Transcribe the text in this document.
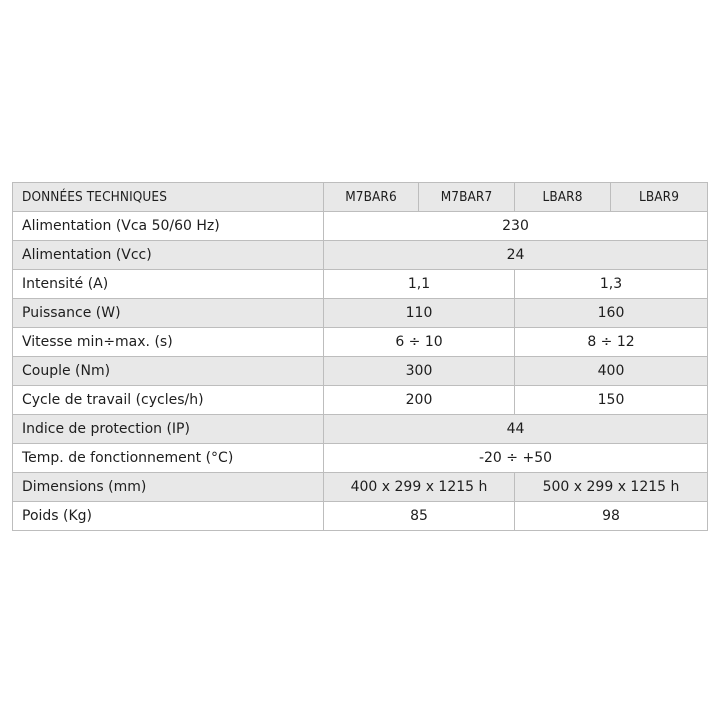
DONNÉES TECHNIQUES	M7BAR6	M7BAR7	LBAR8	LBAR9
Alimentation (Vca 50/60 Hz)	230			
Alimentation (Vcc)	24			
Intensité (A)	1,1		1,3	
Puissance (W)	110		160	
Vitesse min÷max. (s)	6 ÷ 10		8 ÷ 12	
Couple (Nm)	300		400	
Cycle de travail (cycles/h)	200		150	
Indice de protection (IP)	44			
Temp. de fonctionnement (°C)	-20 ÷ +50			
Dimensions (mm)	400 x 299 x 1215 h		500 x 299 x 1215 h	
Poids (Kg)	85		98	
